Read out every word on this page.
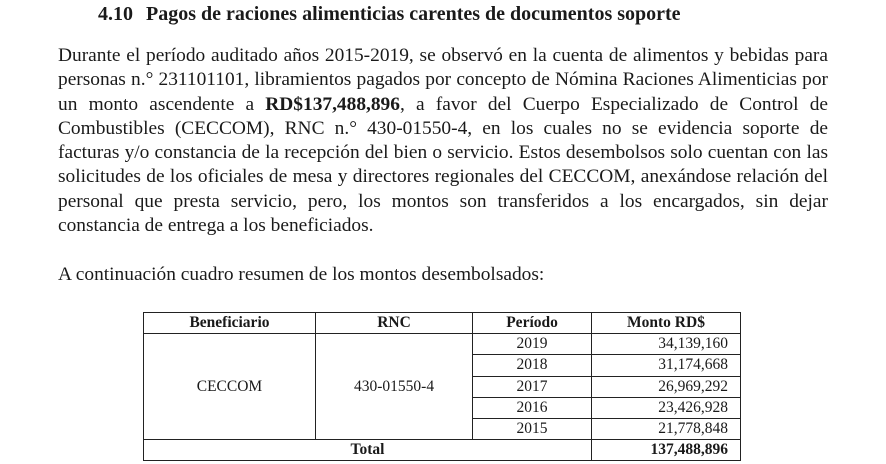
4.10 Pagos de raciones alimenticias carentes de documentos soporte
Durante el período auditado años 2015-2019, se observó en la cuenta de alimentos y bebidas para personas n.° 231101101, libramientos pagados por concepto de Nómina Raciones Alimenticias por un monto ascendente a RD$137,488,896, a favor del Cuerpo Especializado de Control de Combustibles (CECCOM), RNC n.° 430-01550-4, en los cuales no se evidencia soporte de facturas y/o constancia de la recepción del bien o servicio. Estos desembolsos solo cuentan con las solicitudes de los oficiales de mesa y directores regionales del CECCOM, anexándose relación del personal que presta servicio, pero, los montos son transferidos a los encargados, sin dejar constancia de entrega a los beneficiados.
A continuación cuadro resumen de los montos desembolsados:
Beneficiario	RNC	Período	Monto RD$
CECCOM	430-01550-4	2019	34,139,160
		2018	31,174,668
		2017	26,969,292
		2016	23,426,928
		2015	21,778,848
Total			137,488,896
